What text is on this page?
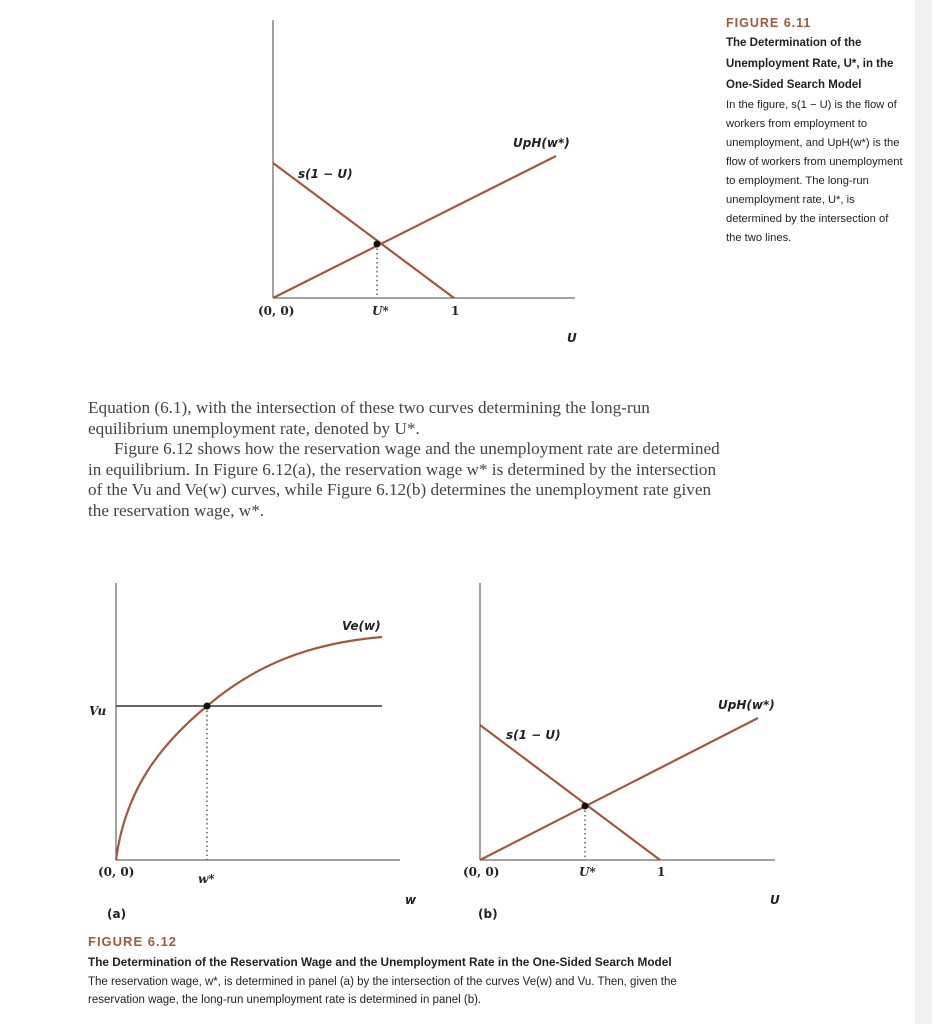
(0, 0)	U*	1
U
s(1 − U)
UpH(w*)
FIGURE 6.11
The Determination of the Unemployment Rate, U*, in the One-Sided Search Model
In the figure, s(1 − U) is the flow of workers from employment to unemployment, and UpH(w*) is the flow of workers from unemployment to employment. The long-run unemployment rate, U*, is determined by the intersection of the two lines.

Equation (6.1), with the intersection of these two curves determining the long-run equilibrium unemployment rate, denoted by U*.

Figure 6.12 shows how the reservation wage and the unemployment rate are determined in equilibrium. In Figure 6.12(a), the reservation wage w* is determined by the intersection of the Vu and Ve(w) curves, while Figure 6.12(b) determines the unemployment rate given the reservation wage, w*.

(0, 0)	w*
w
Vu
Ve(w)
(a)
(0, 0)	U*	1
U
s(1 − U)
UpH(w*)
(b)
FIGURE 6.12
The Determination of the Reservation Wage and the Unemployment Rate in the One-Sided Search Model
The reservation wage, w*, is determined in panel (a) by the intersection of the curves Ve(w) and Vu. Then, given the reservation wage, the long-run unemployment rate is determined in panel (b).
